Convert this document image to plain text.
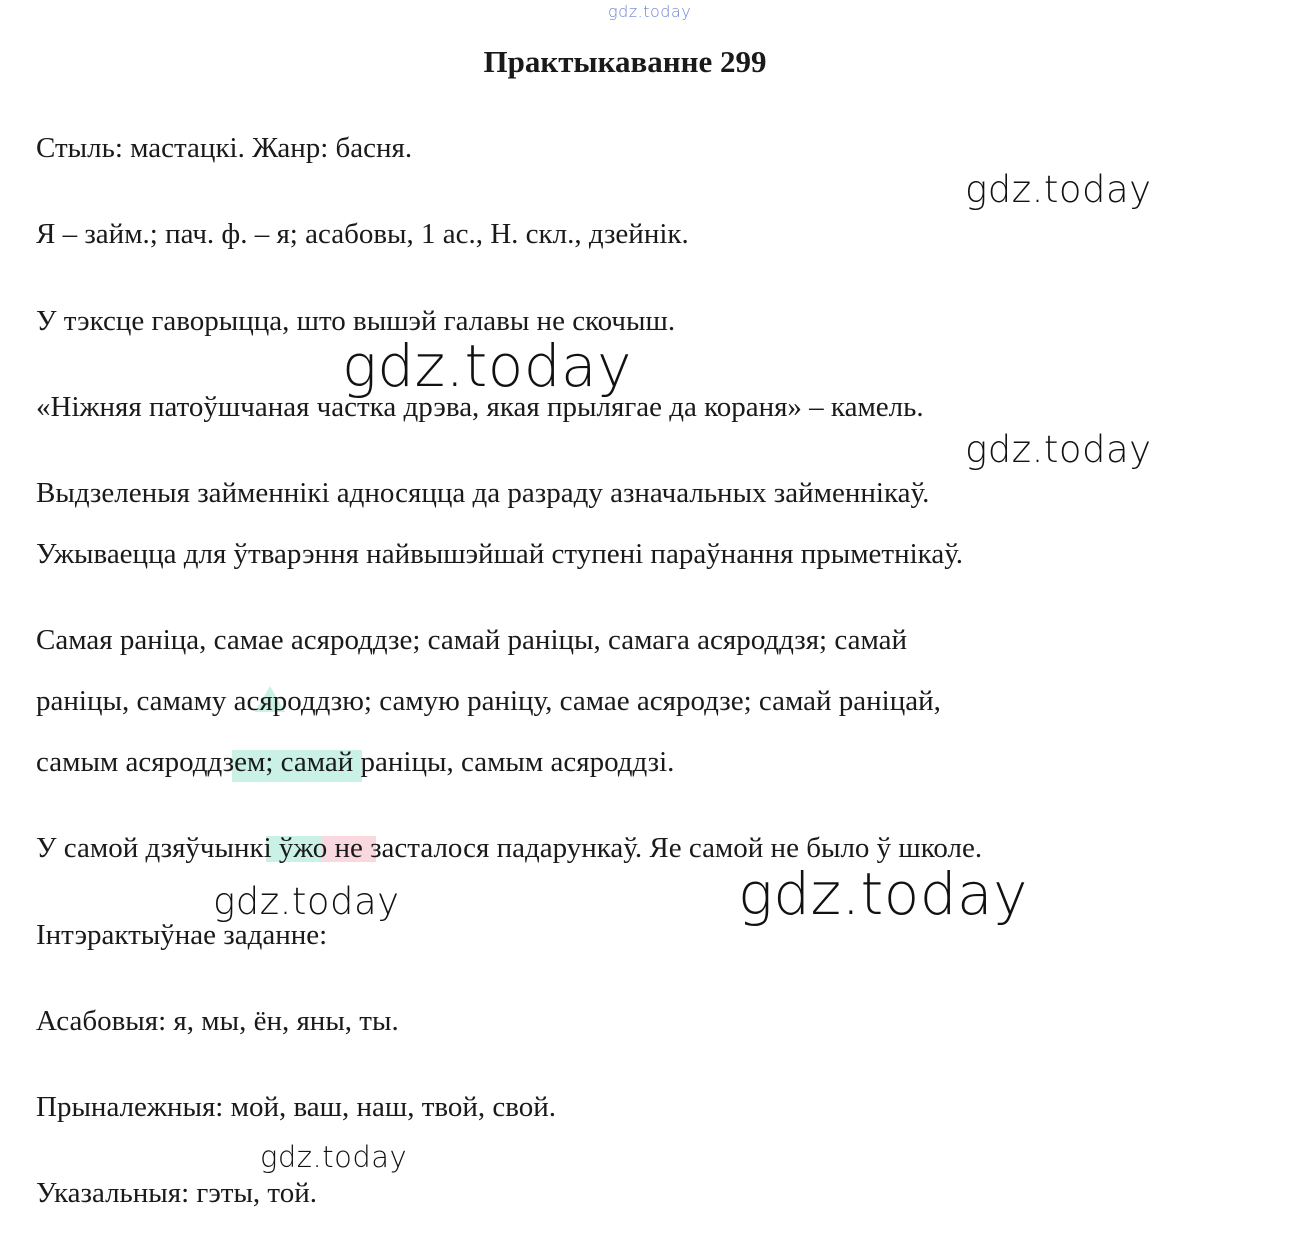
gdz.today
Практыкаванне 299
Стыль: мастацкі. Жанр: басня.
Я – займ.; пач. ф. – я; асабовы, 1 ас., Н. скл., дзейнік.
У тэксце гаворыцца, што вышэй галавы не скочыш.
«Ніжняя патоўшчаная частка дрэва, якая прылягае да кораня» – камель.
Выдзеленыя займеннікі адносяцца да разраду азначальных займеннікаў.
Ужываецца для ўтварэння найвышэйшай ступені параўнання прыметнікаў.
Самая раніца, самае асяроддзе; самай раніцы, самага асяроддзя; самай
раніцы, самаму асяроддзю; самую раніцу, самае асяродзе; самай раніцай,
самым асяроддзем; самай раніцы, самым асяроддзі.
У самой дзяўчынкі ўжо не засталося падарункаў. Яе самой не было ў школе.
Інтэрактыўнае заданне:
Асабовыя: я, мы, ён, яны, ты.
Прыналежныя: мой, ваш, наш, твой, свой.
Указальныя: гэты, той.
gdz.today
gdz.today
gdz.today
gdz.today
gdz.today
gdz.today
